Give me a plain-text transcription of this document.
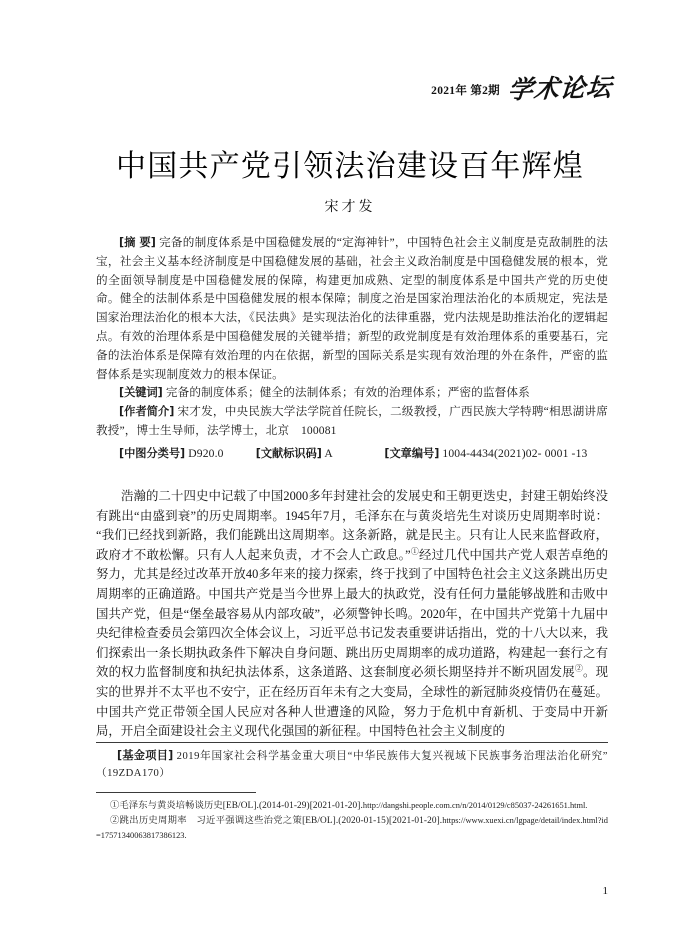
2021年 第2期 学术论坛
中国共产党引领法治建设百年辉煌
宋才发
[摘 要] 完备的制度体系是中国稳健发展的“定海神针”，中国特色社会主义制度是克敌制胜的法宝，社会主义基本经济制度是中国稳健发展的基础，社会主义政治制度是中国稳健发展的根本，党的全面领导制度是中国稳健发展的保障，构建更加成熟、定型的制度体系是中国共产党的历史使命。健全的法制体系是中国稳健发展的根本保障；制度之治是国家治理法治化的本质规定，宪法是国家治理法治化的根本大法，《民法典》是实现法治化的法律重器，党内法规是助推法治化的逻辑起点。有效的治理体系是中国稳健发展的关键举措；新型的政党制度是有效治理体系的重要基石，完备的法治体系是保障有效治理的内在依据，新型的国际关系是实现有效治理的外在条件，严密的监督体系是实现制度效力的根本保证。
[关键词] 完备的制度体系；健全的法制体系；有效的治理体系；严密的监督体系
[作者简介] 宋才发，中央民族大学法学院首任院长，二级教授，广西民族大学特聘“相思湖讲席教授”，博士生导师，法学博士，北京　100081
[中图分类号] D920.0	[文献标识码] A	[文章编号] 1004-4434(2021)02- 0001 -13

浩瀚的二十四史中记载了中国2000多年封建社会的发展史和王朝更迭史，封建王朝始终没有跳出“由盛到衰”的历史周期率。1945年7月，毛泽东在与黄炎培先生对谈历史周期率时说：“我们已经找到新路，我们能跳出这周期率。这条新路，就是民主。只有让人民来监督政府，政府才不敢松懈。只有人人起来负责，才不会人亡政息。”①经过几代中国共产党人艰苦卓绝的努力，尤其是经过改革开放40多年来的接力探索，终于找到了中国特色社会主义这条跳出历史周期率的正确道路。中国共产党是当今世界上最大的执政党，没有任何力量能够战胜和击败中国共产党，但是“堡垒最容易从内部攻破”，必须警钟长鸣。2020年，在中国共产党第十九届中央纪律检查委员会第四次全体会议上，习近平总书记发表重要讲话指出，党的十八大以来，我们探索出一条长期执政条件下解决自身问题、跳出历史周期率的成功道路，构建起一套行之有效的权力监督制度和执纪执法体系，这条道路、这套制度必须长期坚持并不断巩固发展②。现实的世界并不太平也不安宁，正在经历百年未有之大变局，全球性的新冠肺炎疫情仍在蔓延。中国共产党正带领全国人民应对各种人世遭逢的风险，努力于危机中育新机、于变局中开新局，开启全面建设社会主义现代化强国的新征程。中国特色社会主义制度的

[基金项目] 2019年国家社会科学基金重大项目“中华民族伟大复兴视域下民族事务治理法治化研究”（19ZDA170）
①毛泽东与黄炎培畅谈历史[EB/OL].(2014-01-29)[2021-01-20].http://dangshi.people.com.cn/n/2014/0129/c85037-24261651.html.
②跳出历史周期率　习近平强调这些治党之策[EB/OL].(2020-01-15)[2021-01-20].https://www.xuexi.cn/lgpage/detail/index.html?id=17571340063817386123.
1
